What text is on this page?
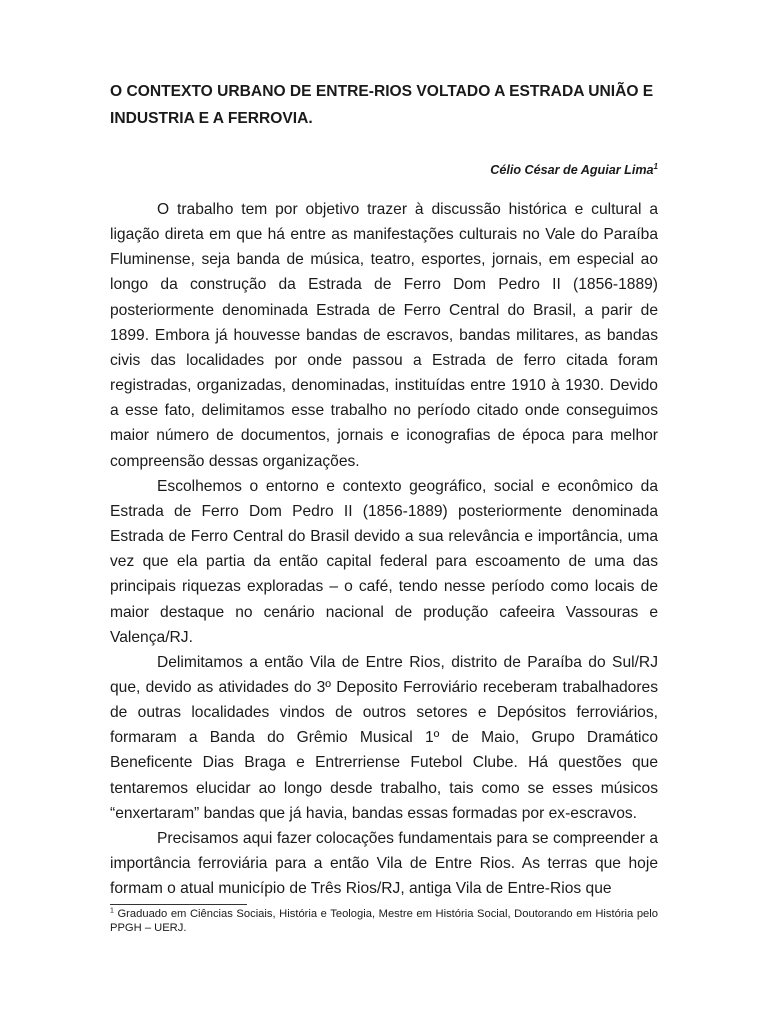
O CONTEXTO URBANO DE ENTRE-RIOS VOLTADO A ESTRADA UNIÃO E INDUSTRIA E A FERROVIA.

Célio César de Aguiar Lima$^1$

O trabalho tem por objetivo trazer à discussão histórica e cultural a ligação direta em que há entre as manifestações culturais no Vale do Paraíba Fluminense, seja banda de música, teatro, esportes, jornais, em especial ao longo da construção da Estrada de Ferro Dom Pedro II (1856-1889) posteriormente denominada Estrada de Ferro Central do Brasil, a parir de 1899. Embora já houvesse bandas de escravos, bandas militares, as bandas civis das localidades por onde passou a Estrada de ferro citada foram registradas, organizadas, denominadas, instituídas entre 1910 à 1930. Devido a esse fato, delimitamos esse trabalho no período citado onde conseguimos maior número de documentos, jornais e iconografias de época para melhor compreensão dessas organizações.

Escolhemos o entorno e contexto geográfico, social e econômico da Estrada de Ferro Dom Pedro II (1856-1889) posteriormente denominada Estrada de Ferro Central do Brasil devido a sua relevância e importância, uma vez que ela partia da então capital federal para escoamento de uma das principais riquezas exploradas – o café, tendo nesse período como locais de maior destaque no cenário nacional de produção cafeeira Vassouras e Valença/RJ.

Delimitamos a então Vila de Entre Rios, distrito de Paraíba do Sul/RJ que, devido as atividades do 3º Deposito Ferroviário receberam trabalhadores de outras localidades vindos de outros setores e Depósitos ferroviários, formaram a Banda do Grêmio Musical 1º de Maio, Grupo Dramático Beneficente Dias Braga e Entrerriense Futebol Clube. Há questões que tentaremos elucidar ao longo desde trabalho, tais como se esses músicos “enxertaram” bandas que já havia, bandas essas formadas por ex-escravos.

Precisamos aqui fazer colocações fundamentais para se compreender a importância ferroviária para a então Vila de Entre Rios. As terras que hoje formam o atual município de Três Rios/RJ, antiga Vila de Entre-Rios que

$^1$ Graduado em Ciências Sociais, História e Teologia, Mestre em História Social, Doutorando em História pelo PPGH – UERJ.
